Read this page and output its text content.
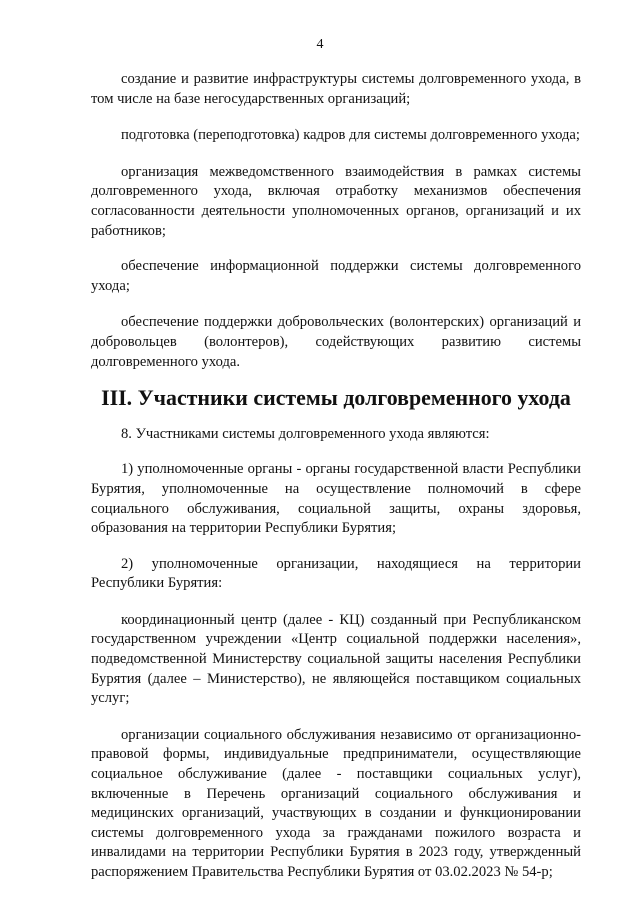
4

создание и развитие инфраструктуры системы долговременного ухода, в том числе на базе негосударственных организаций;

подготовка (переподготовка) кадров для системы долговременного ухода;

организация межведомственного взаимодействия в рамках системы долговременного ухода, включая отработку механизмов обеспечения согласованности деятельности уполномоченных органов, организаций и их работников;

обеспечение информационной поддержки системы долговременного ухода;

обеспечение поддержки добровольческих (волонтерских) организаций и добровольцев (волонтеров), содействующих развитию системы долговременного ухода.

III. Участники системы долговременного ухода

8. Участниками системы долговременного ухода являются:

1) уполномоченные органы - органы государственной власти Республики Бурятия, уполномоченные на осуществление полномочий в сфере социального обслуживания, социальной защиты, охраны здоровья, образования на территории Республики Бурятия;

2) уполномоченные организации, находящиеся на территории Республики Бурятия:

координационный центр (далее - КЦ) созданный при Республиканском государственном учреждении «Центр социальной поддержки населения», подведомственной Министерству социальной защиты населения Республики Бурятия (далее – Министерство), не являющейся поставщиком социальных услуг;

организации социального обслуживания независимо от организационно-правовой формы, индивидуальные предприниматели, осуществляющие социальное обслуживание (далее - поставщики социальных услуг), включенные в Перечень организаций социального обслуживания и медицинских организаций, участвующих в создании и функционировании системы долговременного ухода за гражданами пожилого возраста и инвалидами на территории Республики Бурятия в 2023 году, утвержденный распоряжением Правительства Республики Бурятия от 03.02.2023 № 54-р;
